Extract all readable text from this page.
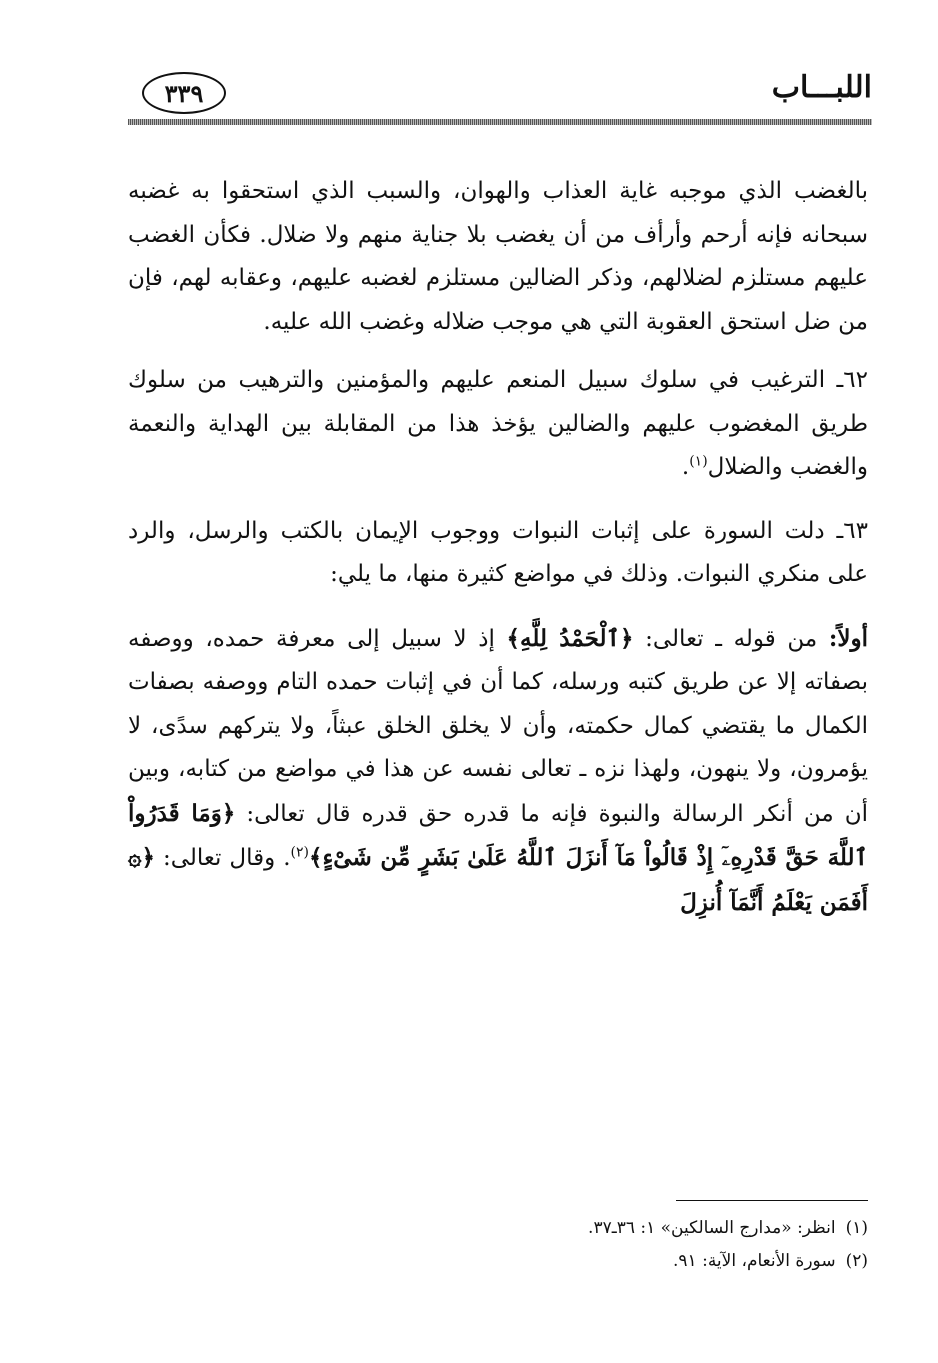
اللبـــاب
٣٣٩

بالغضب الذي موجبه غاية العذاب والهوان، والسبب الذي استحقوا به غضبه سبحانه فإنه أرحم وأرأف من أن يغضب بلا جناية منهم ولا ضلال. فكأن الغضب عليهم مستلزم لضلالهم، وذكر الضالين مستلزم لغضبه عليهم، وعقابه لهم، فإن من ضل استحق العقوبة التي هي موجب ضلاله وغضب الله عليه.

٦٢ـ الترغيب في سلوك سبيل المنعم عليهم والمؤمنين والترهيب من سلوك طريق المغضوب عليهم والضالين يؤخذ هذا من المقابلة بين الهداية والنعمة والغضب والضلال$^{(١)}$.

٦٣ـ دلت السورة على إثبات النبوات ووجوب الإيمان بالكتب والرسل، والرد على منكري النبوات. وذلك في مواضع كثيرة منها، ما يلي:

أولاً: من قوله ـ تعالى: ﴿ٱلْحَمْدُ لِلَّهِ﴾ إذ لا سبيل إلى معرفة حمده، ووصفه بصفاته إلا عن طريق كتبه ورسله، كما أن في إثبات حمده التام ووصفه بصفات الكمال ما يقتضي كمال حكمته، وأن لا يخلق الخلق عبثاً، ولا يتركهم سدًى، لا يؤمرون، ولا ينهون، ولهذا نزه ـ تعالى نفسه عن هذا في مواضع من كتابه، وبين أن من أنكر الرسالة والنبوة فإنه ما قدره حق قدره قال تعالى: ﴿وَمَا قَدَرُواْ ٱللَّهَ حَقَّ قَدْرِهِۦٓ إِذْ قَالُواْ مَآ أَنزَلَ ٱللَّهُ عَلَىٰ بَشَرٍ مِّن شَىْءٍ﴾$^{(٢)}$. وقال تعالى: ﴿۞ أَفَمَن يَعْلَمُ أَنَّمَآ أُنزِلَ

(١)انظر: «مدارج السالكين» ١: ٣٦ـ٣٧.
(٢)سورة الأنعام، الآية: ٩١.
